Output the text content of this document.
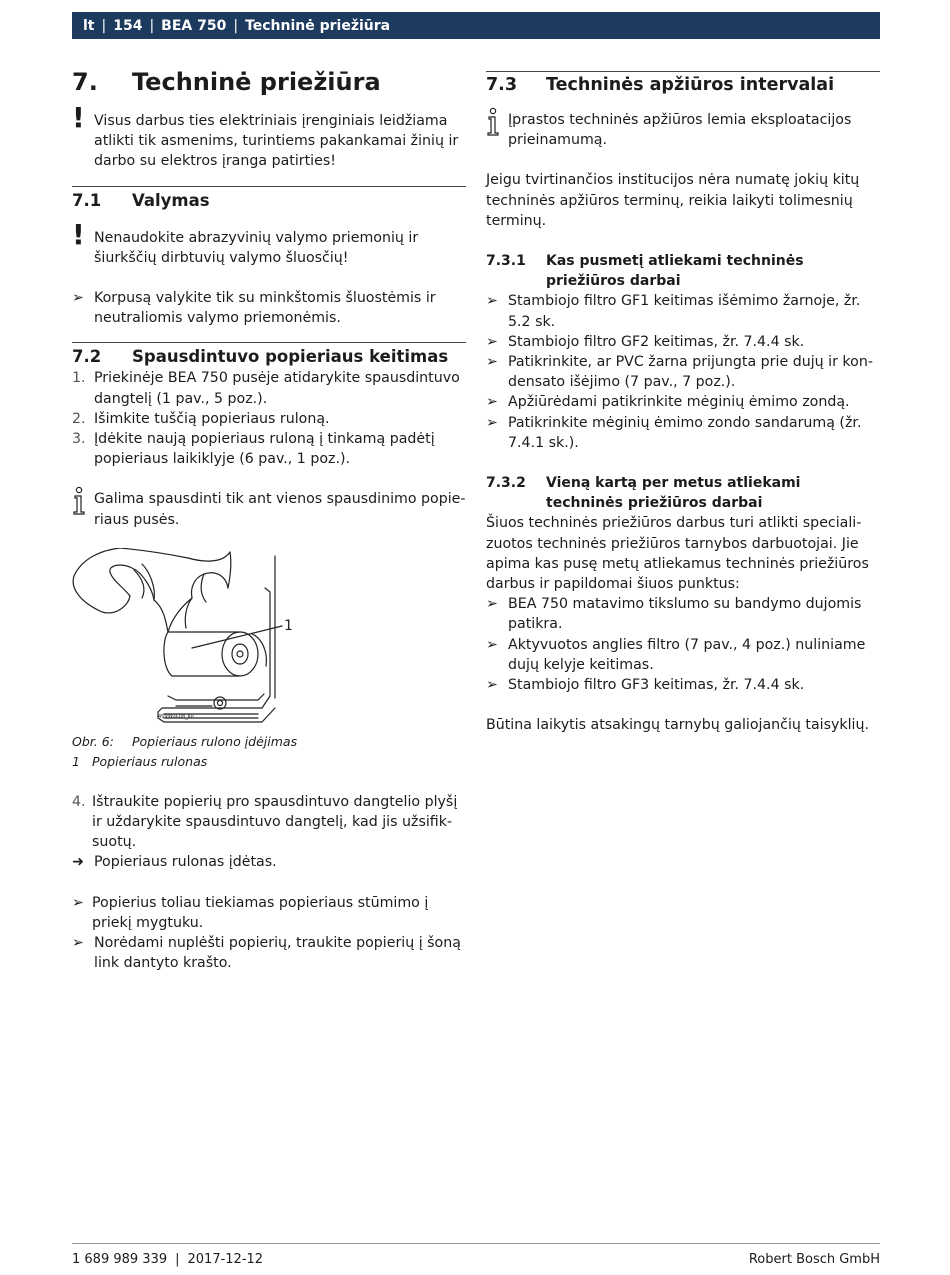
lt | 154 | BEA 750 | Techninė priežiūra
7.	Techninė priežiūra
! Visus darbus ties elektriniais įrenginiais leidžiama atlikti tik asmenims, turintiems pakankamai žinių ir darbo su elektros įranga patirties!
7.1	Valymas
! Nenaudokite abrazyvinių valymo priemonių ir šiurkščių dirbtuvių valymo šluosčių!
➢ Korpusą valykite tik su minkštomis šluostėmis ir neutraliomis valymo priemonėmis.
7.2	Spausdintuvo popieriaus keitimas
1. Priekinėje BEA 750 pusėje atidarykite spausdintuvo dangtelį (1 pav., 5 poz.).
2. Išimkite tuščią popieriaus ruloną.
3. Įdėkite naują popieriaus ruloną į tinkamą padėtį popieriaus laikiklyje (6 pav., 1 poz.).
Galima spausdinti tik ant vienos spausdinimo popieriaus pusės.
1
459969-08_Ko
Obr. 6:	Popieriaus rulono įdėjimas
1 Popieriaus rulonas
4. Ištraukite popierių pro spausdintuvo dangtelio plyšį ir uždarykite spausdintuvo dangtelį, kad jis užsifiksuotų.
➜ Popieriaus rulonas įdėtas.
➢ Popierius toliau tiekiamas popieriaus stūmimo į priekį mygtuku.
➢ Norėdami nuplėšti popierių, traukite popierių į šoną link dantyto krašto.
7.3	Techninės apžiūros intervalai
Įprastos techninės apžiūros lemia eksploatacijos prieinamumą.
Jeigu tvirtinančios institucijos nėra numatę jokių kitų techninės apžiūros terminų, reikia laikyti tolimesnių terminų.
7.3.1	Kas pusmetį atliekami techninės priežiūros darbai
➢ Stambiojo filtro GF1 keitimas išėmimo žarnoje, žr. 5.2 sk.
➢ Stambiojo filtro GF2 keitimas, žr. 7.4.4 sk.
➢ Patikrinkite, ar PVC žarna prijungta prie dujų ir kondensato išėjimo (7 pav., 7 poz.).
➢ Apžiūrėdami patikrinkite mėginių ėmimo zondą.
➢ Patikrinkite mėginių ėmimo zondo sandarumą (žr. 7.4.1 sk.).
7.3.2	Vieną kartą per metus atliekami techninės priežiūros darbai
Šiuos techninės priežiūros darbus turi atlikti specializuotos techninės priežiūros tarnybos darbuotojai. Jie apima kas pusę metų atliekamus techninės priežiūros darbus ir papildomai šiuos punktus:
➢ BEA 750 matavimo tikslumo su bandymo dujomis patikra.
➢ Aktyvuotos anglies filtro (7 pav., 4 poz.) nuliniame dujų kelyje keitimas.
➢ Stambiojo filtro GF3 keitimas, žr. 7.4.4 sk.
Būtina laikytis atsakingų tarnybų galiojančių taisyklių.
1 689 989 339 | 2017-12-12	Robert Bosch GmbH
